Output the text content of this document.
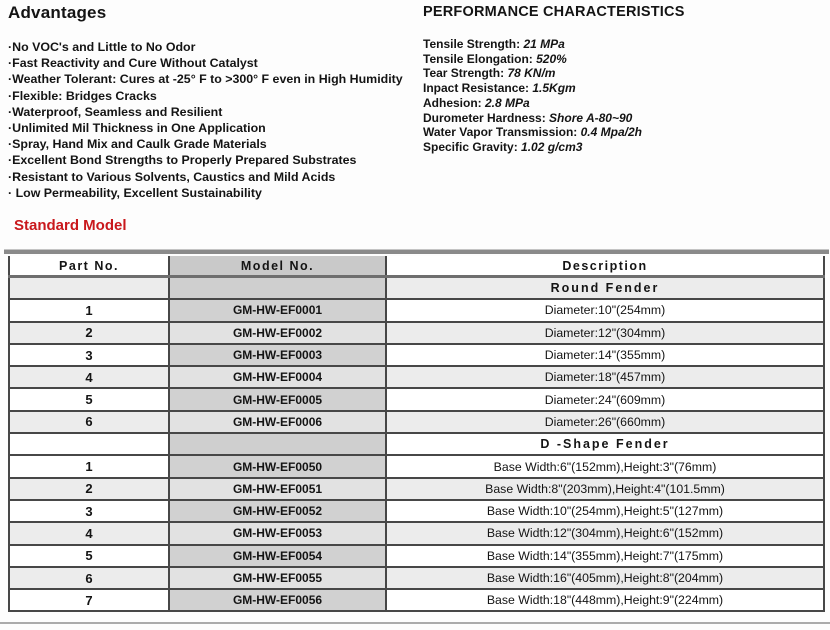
Advantages
·No VOC's and Little to No Odor
·Fast Reactivity and Cure Without Catalyst
·Weather Tolerant: Cures at -25° F to >300° F even in High Humidity
·Flexible: Bridges Cracks
·Waterproof, Seamless and Resilient
·Unlimited Mil Thickness in One Application
·Spray, Hand Mix and Caulk Grade Materials
·Excellent Bond Strengths to Properly Prepared Substrates
·Resistant to Various Solvents, Caustics and Mild Acids
· Low Permeability, Excellent Sustainability
PERFORMANCE CHARACTERISTICS
Tensile Strength: 21 MPa
Tensile Elongation: 520%
Tear Strength: 78 KN/m
Inpact Resistance: 1.5Kgm
Adhesion: 2.8 MPa
Durometer Hardness: Shore A-80~90
Water Vapor Transmission: 0.4 Mpa/2h
Specific Gravity: 1.02 g/cm3
Standard Model
Part No.	Model No.	Description
		Round Fender
1	GM-HW-EF0001	Diameter:10"(254mm)
2	GM-HW-EF0002	Diameter:12"(304mm)
3	GM-HW-EF0003	Diameter:14"(355mm)
4	GM-HW-EF0004	Diameter:18"(457mm)
5	GM-HW-EF0005	Diameter:24"(609mm)
6	GM-HW-EF0006	Diameter:26"(660mm)
		D -Shape Fender
1	GM-HW-EF0050	Base Width:6"(152mm),Height:3"(76mm)
2	GM-HW-EF0051	Base Width:8"(203mm),Height:4"(101.5mm)
3	GM-HW-EF0052	Base Width:10"(254mm),Height:5"(127mm)
4	GM-HW-EF0053	Base Width:12"(304mm),Height:6"(152mm)
5	GM-HW-EF0054	Base Width:14"(355mm),Height:7"(175mm)
6	GM-HW-EF0055	Base Width:16"(405mm),Height:8"(204mm)
7	GM-HW-EF0056	Base Width:18"(448mm),Height:9"(224mm)
